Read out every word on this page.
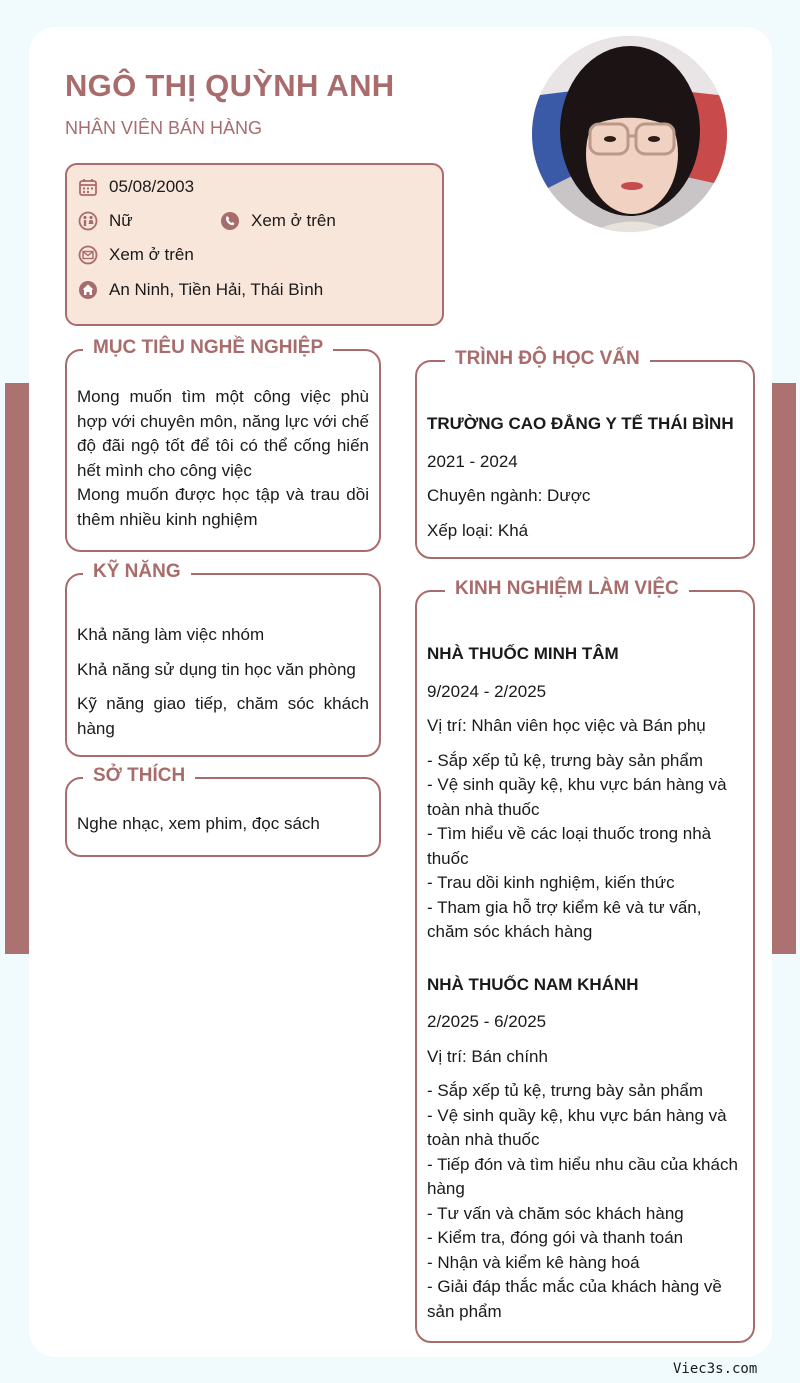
NGÔ THỊ QUỲNH ANH
NHÂN VIÊN BÁN HÀNG
05/08/2003
Nữ	Xem ở trên
Xem ở trên
An Ninh, Tiền Hải, Thái Bình
MỤC TIÊU NGHỀ NGHIỆP
Mong muốn tìm một công việc phù hợp với chuyên môn, năng lực với chế độ đãi ngộ tốt để tôi có thể cống hiến hết mình cho công việc
Mong muốn được học tập và trau dồi thêm nhiều kinh nghiệm
KỸ NĂNG
Khả năng làm việc nhóm
Khả năng sử dụng tin học văn phòng
Kỹ năng giao tiếp, chăm sóc khách hàng
SỞ THÍCH
Nghe nhạc, xem phim, đọc sách
TRÌNH ĐỘ HỌC VẤN
TRƯỜNG CAO ĐẲNG Y TẾ THÁI BÌNH
2021 - 2024
Chuyên ngành: Dược
Xếp loại: Khá
KINH NGHIỆM LÀM VIỆC
NHÀ THUỐC MINH TÂM
9/2024 - 2/2025
Vị trí: Nhân viên học việc và Bán phụ
- Sắp xếp tủ kệ, trưng bày sản phẩm
- Vệ sinh quầy kệ, khu vực bán hàng và toàn nhà thuốc
- Tìm hiểu về các loại thuốc trong nhà thuốc
- Trau dồi kinh nghiệm, kiến thức
- Tham gia hỗ trợ kiểm kê và tư vấn, chăm sóc khách hàng
NHÀ THUỐC NAM KHÁNH
2/2025 - 6/2025
Vị trí: Bán chính
- Sắp xếp tủ kệ, trưng bày sản phẩm
- Vệ sinh quầy kệ, khu vực bán hàng và toàn nhà thuốc
- Tiếp đón và tìm hiểu nhu cầu của khách hàng
- Tư vấn và chăm sóc khách hàng
- Kiểm tra, đóng gói và thanh toán
- Nhận và kiểm kê hàng hoá
- Giải đáp thắc mắc của khách hàng về sản phẩm
Viec3s.com
